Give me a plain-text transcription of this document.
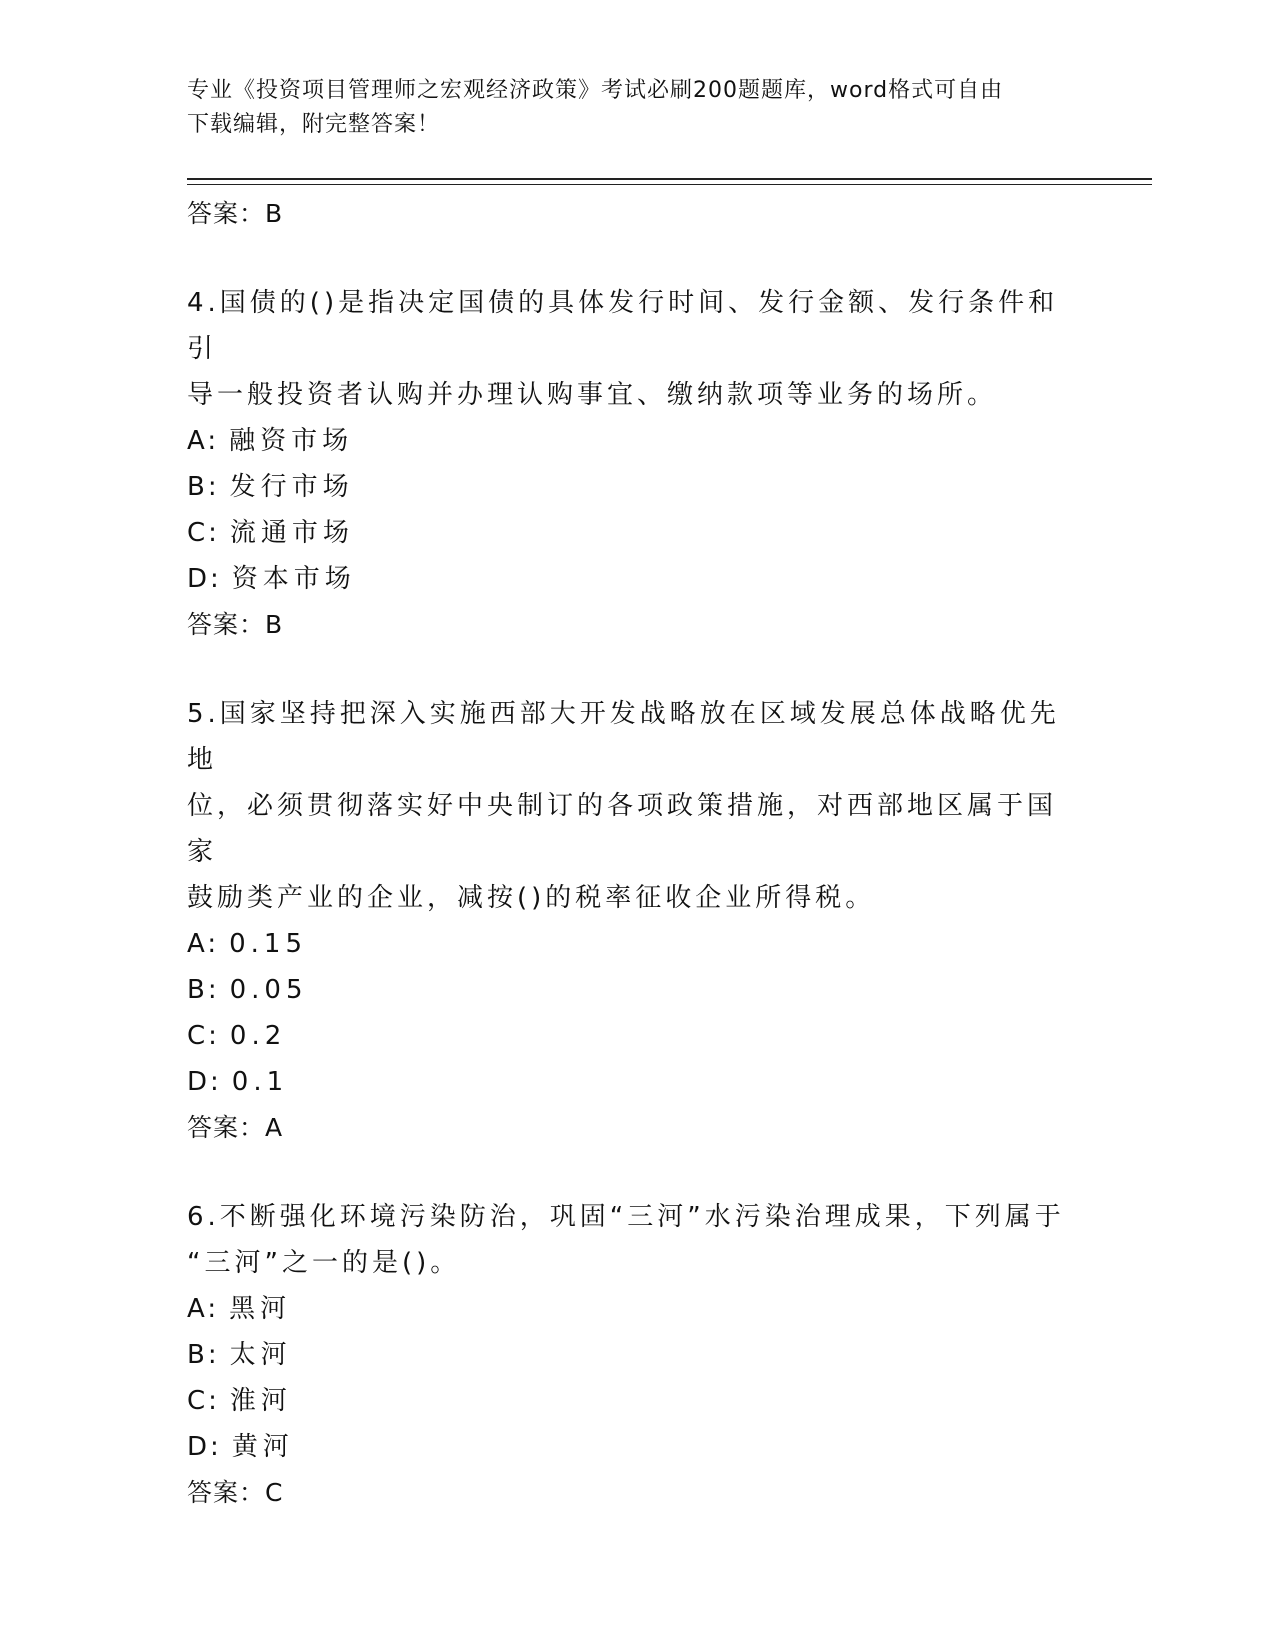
专业《投资项目管理师之宏观经济政策》考试必刷200题题库，word格式可自由
下载编辑，附完整答案！
答案：B
4.国债的()是指决定国债的具体发行时间、发行金额、发行条件和引
导一般投资者认购并办理认购事宜、缴纳款项等业务的场所。
A: 融资市场
B: 发行市场
C: 流通市场
D: 资本市场
答案：B
5.国家坚持把深入实施西部大开发战略放在区域发展总体战略优先地
位，必须贯彻落实好中央制订的各项政策措施，对西部地区属于国家
鼓励类产业的企业，减按()的税率征收企业所得税。
A: 0.15
B: 0.05
C: 0.2
D: 0.1
答案：A
6.不断强化环境污染防治，巩固“三河”水污染治理成果，下列属于
“三河”之一的是()。
A: 黑河
B: 太河
C: 淮河
D: 黄河
答案：C
